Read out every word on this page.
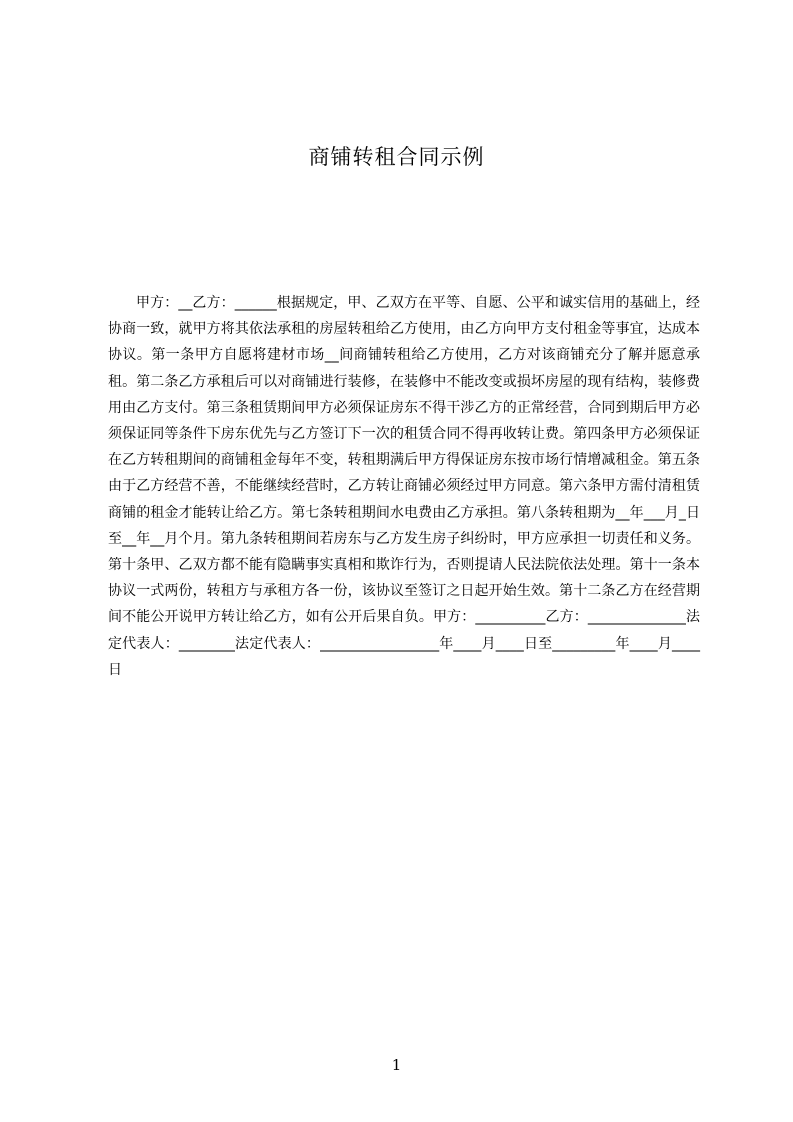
商铺转租合同示例

甲方：__乙方：______根据规定，甲、乙双方在平等、自愿、公平和诚实信用的基础上，经协商一致，就甲方将其依法承租的房屋转租给乙方使用，由乙方向甲方支付租金等事宜，达成本协议。第一条甲方自愿将建材市场__间商铺转租给乙方使用，乙方对该商铺充分了解并愿意承租。第二条乙方承租后可以对商铺进行装修，在装修中不能改变或损坏房屋的现有结构，装修费用由乙方支付。第三条租赁期间甲方必须保证房东不得干涉乙方的正常经营，合同到期后甲方必须保证同等条件下房东优先与乙方签订下一次的租赁合同不得再收转让费。第四条甲方必须保证在乙方转租期间的商铺租金每年不变，转租期满后甲方得保证房东按市场行情增减租金。第五条由于乙方经营不善，不能继续经营时，乙方转让商铺必须经过甲方同意。第六条甲方需付清租赁商铺的租金才能转让给乙方。第七条转租期间水电费由乙方承担。第八条转租期为__年___月_日至__年__月个月。第九条转租期间若房东与乙方发生房子纠纷时，甲方应承担一切责任和义务。第十条甲、乙双方都不能有隐瞒事实真相和欺诈行为，否则提请人民法院依法处理。第十一条本协议一式两份，转租方与承租方各一份，该协议至签订之日起开始生效。第十二条乙方在经营期间不能公开说甲方转让给乙方，如有公开后果自负。甲方：__________乙方：______________法定代表人：________法定代表人：_________________年____月____日至_________年____月____日

1
